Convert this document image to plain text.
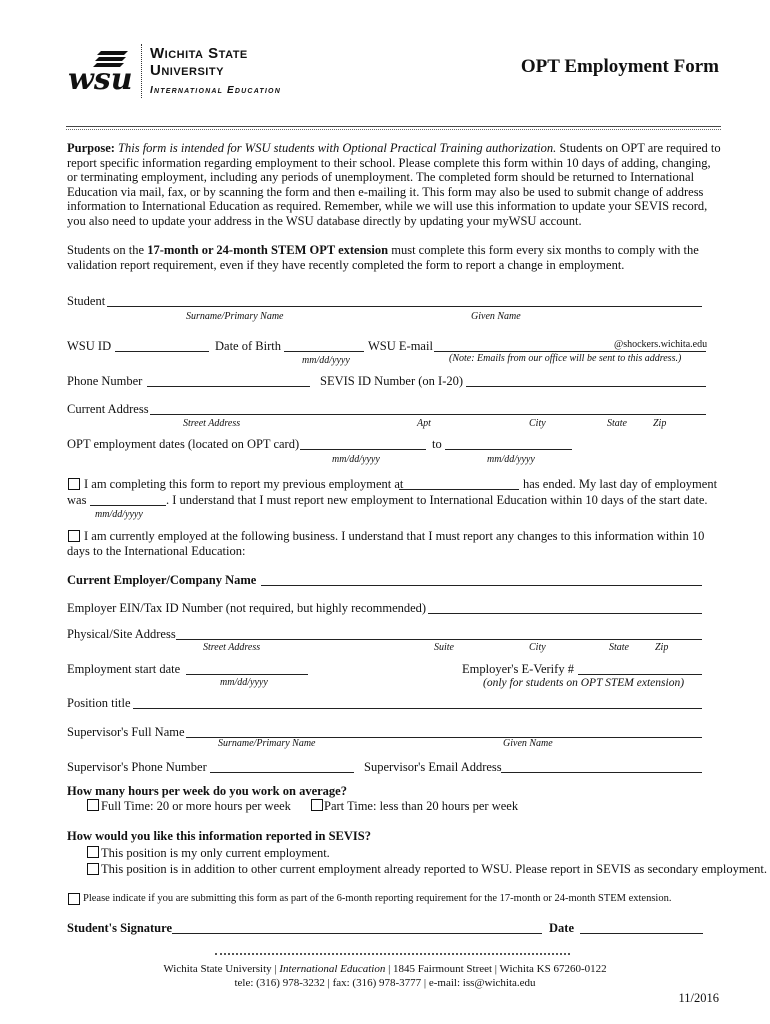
wsu
Wichita State
University
International Education
OPT Employment Form
Purpose: This form is intended for WSU students with Optional Practical Training authorization. Students on OPT are required to report specific information regarding employment to their school. Please complete this form within 10 days of adding, changing, or terminating employment, including any periods of unemployment. The completed form should be returned to International Education via mail, fax, or by scanning the form and then e-mailing it. This form may also be used to submit change of address information to International Education as required. Remember, while we will use this information to update your SEVIS record, you also need to update your address in the WSU database directly by updating your myWSU account.
Students on the 17-month or 24-month STEM OPT extension must complete this form every six months to comply with the validation report requirement, even if they have recently completed the form to report a change in employment.
Student
Surname/Primary Name	Given Name
WSU ID	Date of Birth
mm/dd/yyyy
WSU E-mail	@shockers.wichita.edu
(Note: Emails from our office will be sent to this address.)
Phone Number	SEVIS ID Number (on I-20)
Current Address
Street Address	Apt	City	State	Zip
OPT employment dates (located on OPT card)	to
mm/dd/yyyy	mm/dd/yyyy
I am completing this form to report my previous employment at	has ended. My last day of employment
was	. I understand that I must report new employment to International Education within 10 days of the start date.
mm/dd/yyyy
I am currently employed at the following business. I understand that I must report any changes to this information within 10 days to the International Education:
Current Employer/Company Name
Employer EIN/Tax ID Number (not required, but highly recommended)
Physical/Site Address
Street Address	Suite	City	State	Zip
Employment start date
mm/dd/yyyy
Employer's E-Verify #
(only for students on OPT STEM extension)
Position title
Supervisor's Full Name
Surname/Primary Name	Given Name
Supervisor's Phone Number	Supervisor's Email Address
How many hours per week do you work on average?
Full Time: 20 or more hours per week	Part Time: less than 20 hours per week
How would you like this information reported in SEVIS?
This position is my only current employment.
This position is in addition to other current employment already reported to WSU. Please report in SEVIS as secondary employment.
Please indicate if you are submitting this form as part of the 6-month reporting requirement for the 17-month or 24-month STEM extension.
Student's Signature	Date
Wichita State University | International Education | 1845 Fairmount Street | Wichita KS 67260-0122
tele: (316) 978-3232 | fax: (316) 978-3777 | e-mail: iss@wichita.edu
11/2016
